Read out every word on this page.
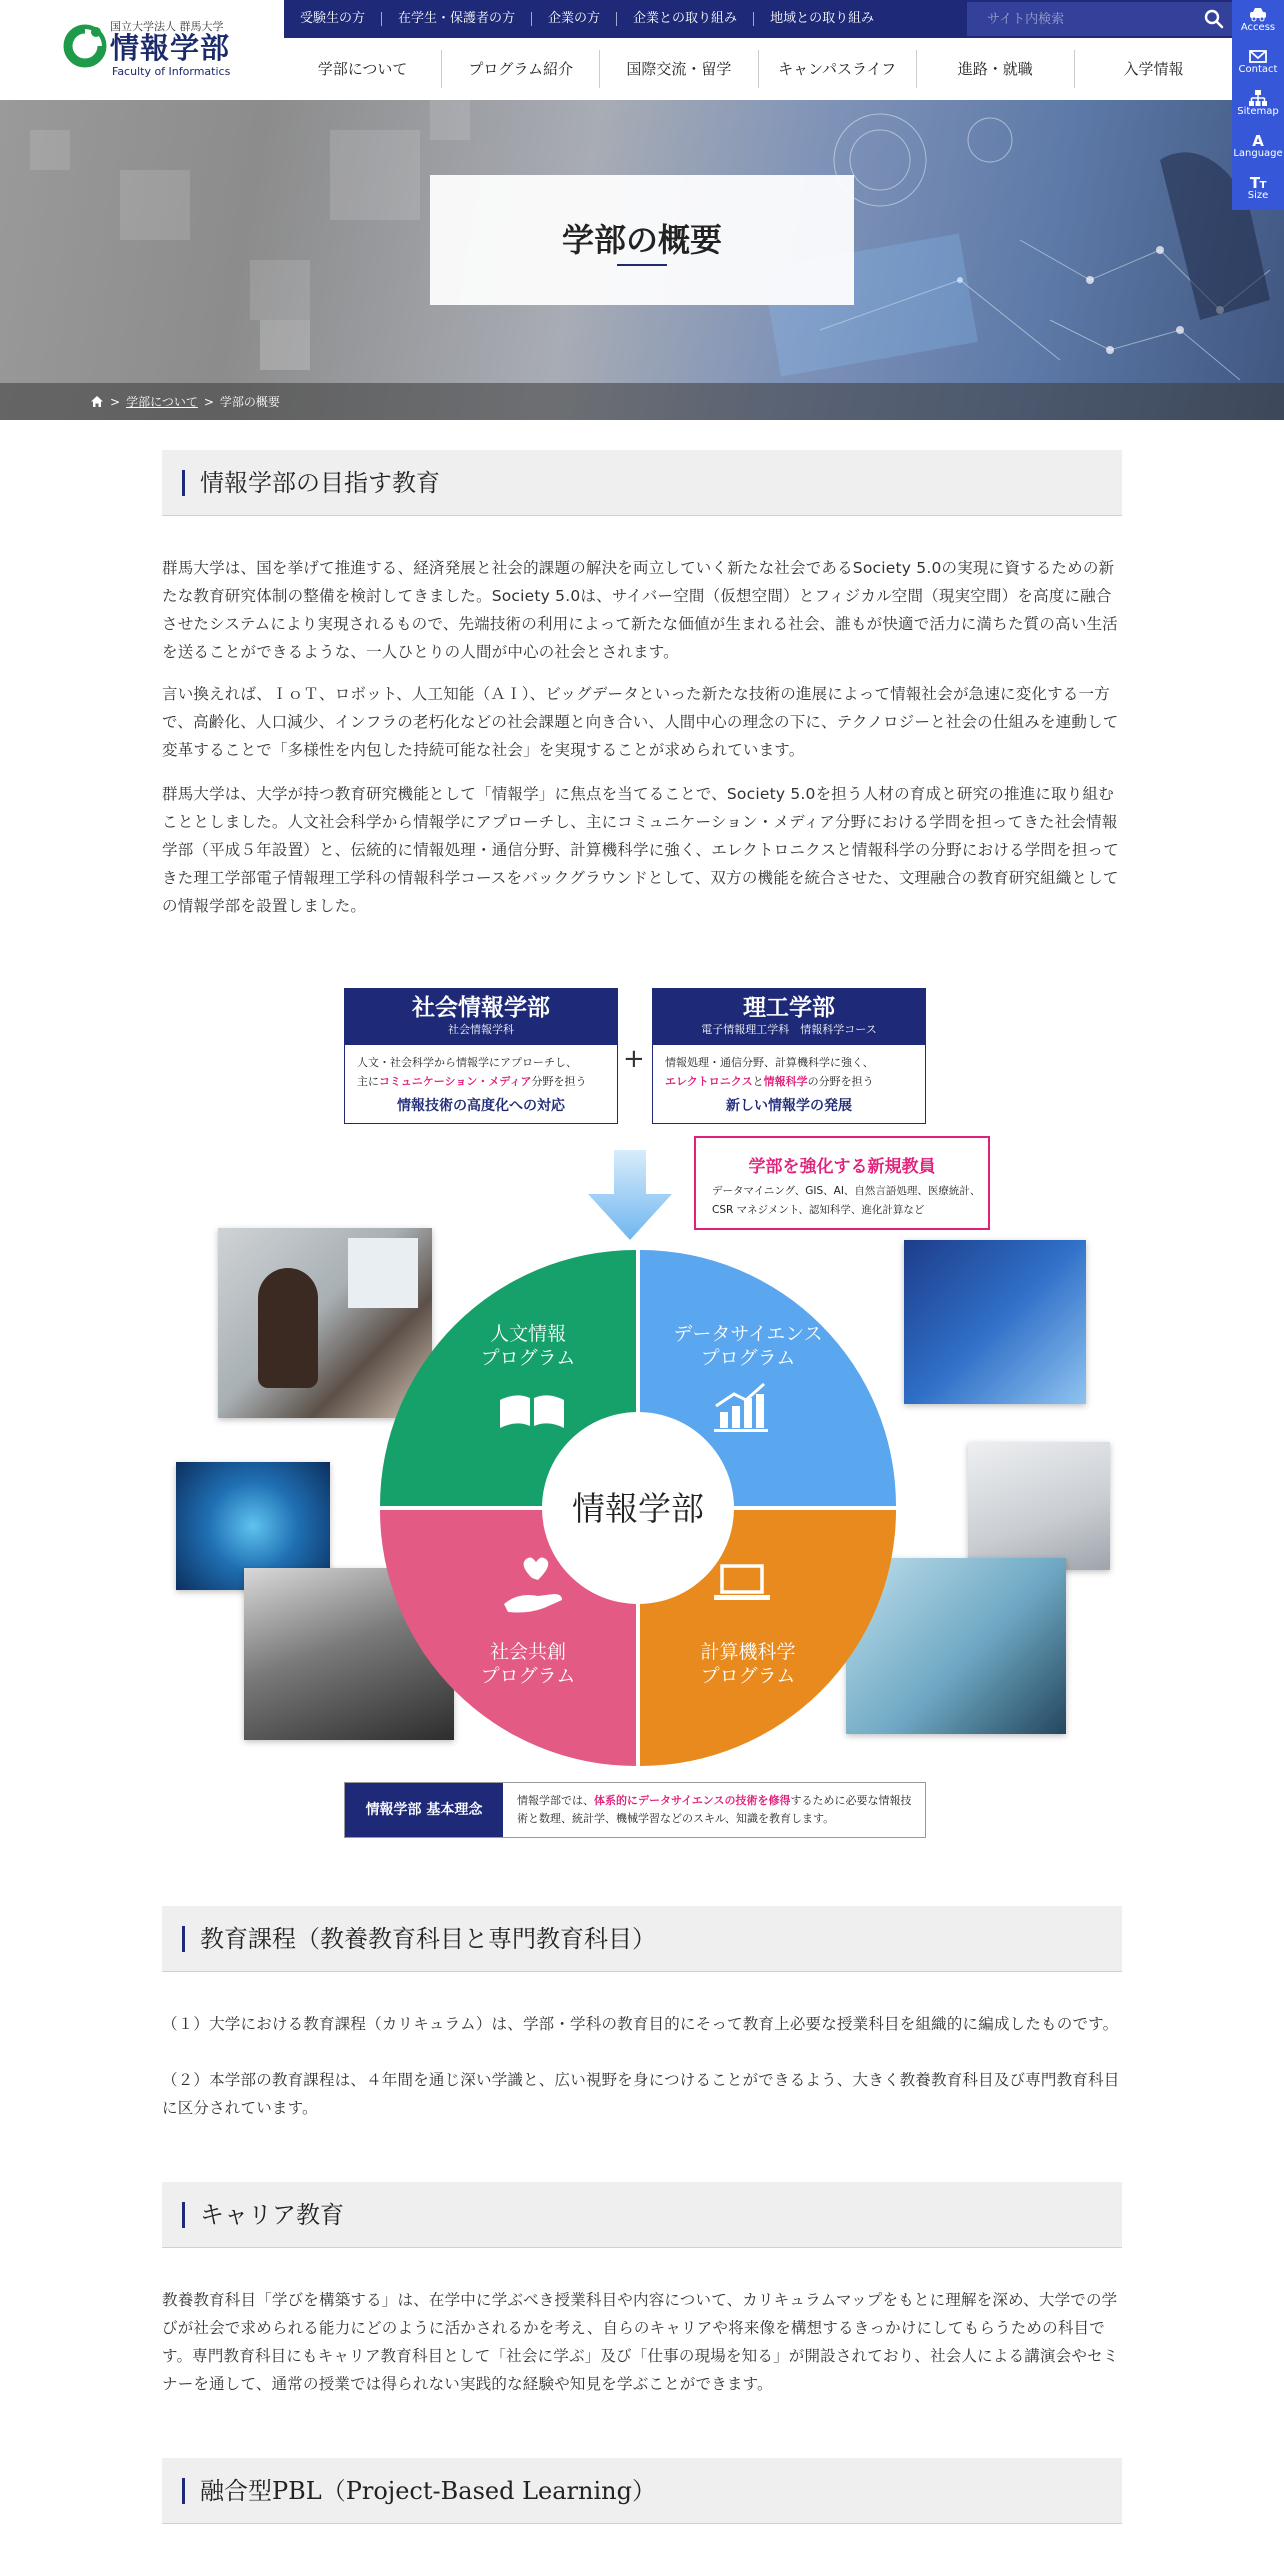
国立大学法人 群馬大学
情報学部
Faculty of Informatics
受験生の方	在学生・保護者の方	企業の方	企業との取り組み	地域との取り組み
サイト内検索
学部について	プログラム紹介	国際交流・留学	キャンパスライフ	進路・就職	入学情報
Access
Contact
Sitemap
A
Language
T T
Size
学部の概要
> 学部について > 学部の概要
情報学部の目指す教育

群馬大学は、国を挙げて推進する、経済発展と社会的課題の解決を両立していく新たな社会であるSociety 5.0の実現に資するための新たな教育研究体制の整備を検討してきました。Society 5.0は、サイバー空間（仮想空間）とフィジカル空間（現実空間）を高度に融合させたシステムにより実現されるもので、先端技術の利用によって新たな価値が生まれる社会、誰もが快適で活力に満ちた質の高い生活を送ることができるような、一人ひとりの人間が中心の社会とされます。

言い換えれば、ＩｏＴ、ロボット、人工知能（ＡＩ）、ビッグデータといった新たな技術の進展によって情報社会が急速に変化する一方で、高齢化、人口減少、インフラの老朽化などの社会課題と向き合い、人間中心の理念の下に、テクノロジーと社会の仕組みを連動して変革することで「多様性を内包した持続可能な社会」を実現することが求められています。

群馬大学は、大学が持つ教育研究機能として「情報学」に焦点を当てることで、Society 5.0を担う人材の育成と研究の推進に取り組むこととしました。人文社会科学から情報学にアプローチし、主にコミュニケーション・メディア分野における学問を担ってきた社会情報学部（平成５年設置）と、伝統的に情報処理・通信分野、計算機科学に強く、エレクトロニクスと情報科学の分野における学問を担ってきた理工学部電子情報理工学科の情報科学コースをバックグラウンドとして、双方の機能を統合させた、文理融合の教育研究組織としての情報学部を設置しました。

社会情報学部
社会情報学科
人文・社会科学から情報学にアプローチし、
主にコミュニケーション・メディア分野を担う
情報技術の高度化への対応
+
理工学部
電子情報理工学科　情報科学コース
情報処理・通信分野、計算機科学に強く、
エレクトロニクスと情報科学の分野を担う
新しい情報学の発展
学部を強化する新規教員
データマイニング、GIS、AI、自然言語処理、医療統計、
CSR マネジメント、認知科学、進化計算など
人文情報
プログラム
データサイエンス
プログラム
社会共創
プログラム
計算機科学
プログラム
情報学部
情報学部 基本理念
情報学部では、体系的にデータサイエンスの技術を修得するために必要な情報技術と数理、統計学、機械学習などのスキル、知識を教育します。
教育課程（教養教育科目と専門教育科目）

（１）大学における教育課程（カリキュラム）は、学部・学科の教育目的にそって教育上必要な授業科目を組織的に編成したものです。

（２）本学部の教育課程は、４年間を通じ深い学識と、広い視野を身につけることができるよう、大きく教養教育科目及び専門教育科目に区分されています。

キャリア教育

教養教育科目「学びを構築する」は、在学中に学ぶべき授業科目や内容について、カリキュラムマップをもとに理解を深め、大学での学びが社会で求められる能力にどのように活かされるかを考え、自らのキャリアや将来像を構想するきっかけにしてもらうための科目です。専門教育科目にもキャリア教育科目として「社会に学ぶ」及び「仕事の現場を知る」が開設されており、社会人による講演会やセミナーを通して、通常の授業では得られない実践的な経験や知見を学ぶことができます。

融合型PBL（Project-Based Learning）
